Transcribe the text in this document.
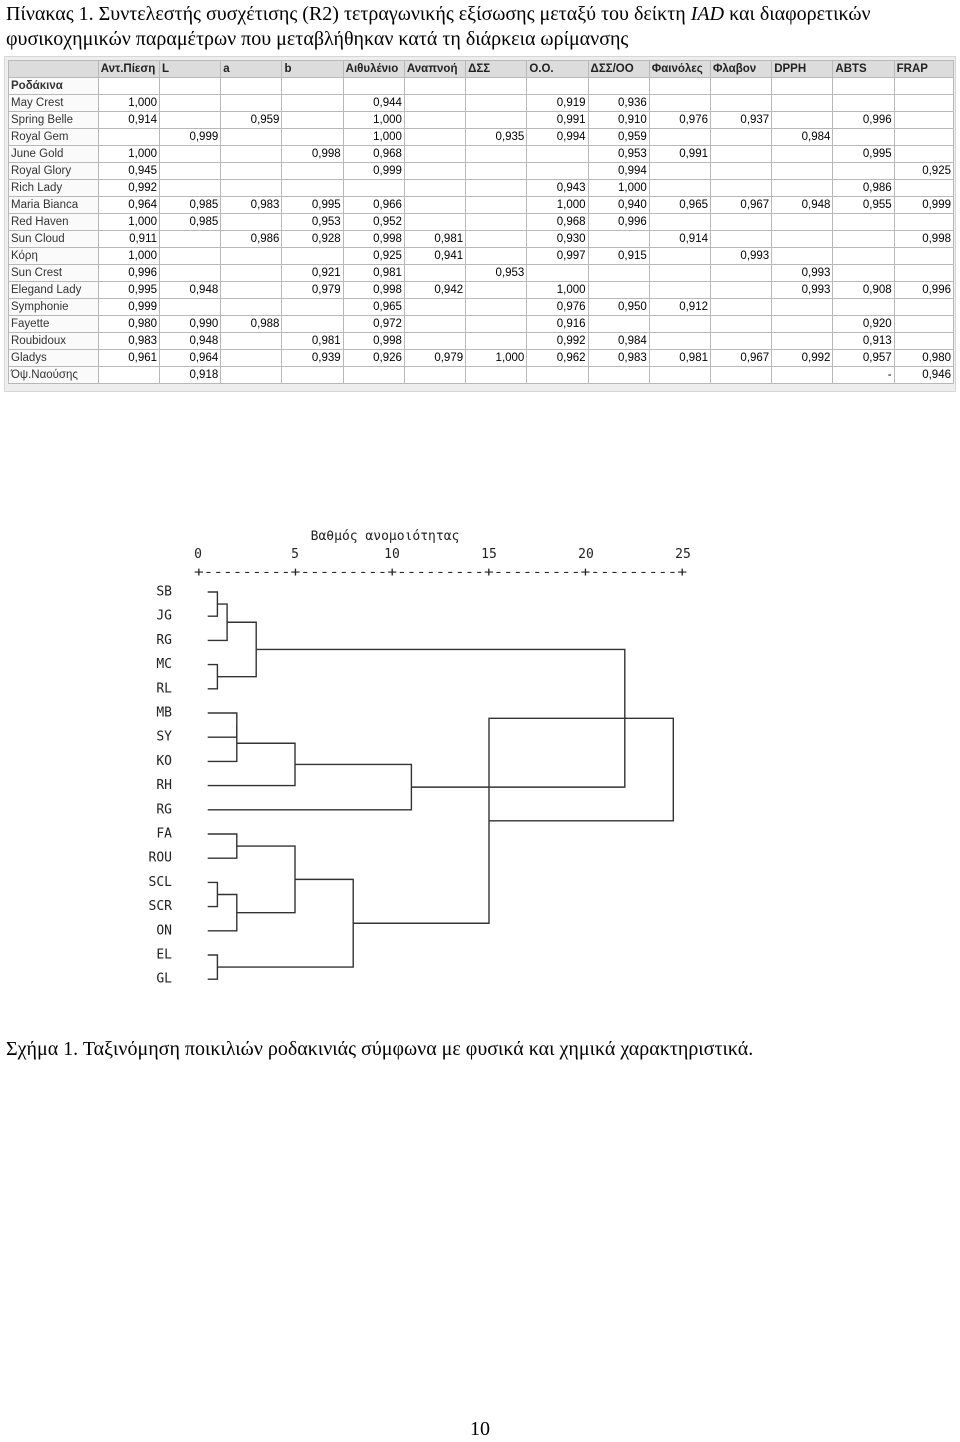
Πίνακας 1. Συντελεστής συσχέτισης (R2) τετραγωνικής εξίσωσης μεταξύ του δείκτη IAD και διαφορετικών φυσικοχημικών παραμέτρων που μεταβλήθηκαν κατά τη διάρκεια ωρίμανσης
	Αντ.Πίεση	L	a	b	Αιθυλένιο	Αναπνοή	ΔΣΣ	Ο.Ο.	ΔΣΣ/ΟΟ	Φαινόλες	Φλαβον	DPPH	ABTS	FRAP
Ροδάκινα														
May Crest	1,000				0,944			0,919	0,936					
Spring Belle	0,914		0,959		1,000			0,991	0,910	0,976	0,937		0,996	
Royal Gem		0,999			1,000		0,935	0,994	0,959			0,984		
June Gold	1,000			0,998	0,968				0,953	0,991			0,995	
Royal Glory	0,945				0,999				0,994					0,925
Rich Lady	0,992							0,943	1,000				0,986	
Maria Bianca	0,964	0,985	0,983	0,995	0,966			1,000	0,940	0,965	0,967	0,948	0,955	0,999
Red Haven	1,000	0,985		0,953	0,952			0,968	0,996					
Sun Cloud	0,911		0,986	0,928	0,998	0,981		0,930		0,914				0,998
Κόρη	1,000				0,925	0,941		0,997	0,915		0,993			
Sun Crest	0,996			0,921	0,981		0,953					0,993		
Elegand Lady	0,995	0,948		0,979	0,998	0,942		1,000				0,993	0,908	0,996
Symphonie	0,999				0,965			0,976	0,950	0,912				
Fayette	0,980	0,990	0,988		0,972			0,916					0,920	
Roubidoux	0,983	0,948		0,981	0,998			0,992	0,984				0,913	
Gladys	0,961	0,964		0,939	0,926	0,979	1,000	0,962	0,983	0,981	0,967	0,992	0,957	0,980
Όψ.Ναούσης		0,918											-	0,946
Βαθμός ανομοιότητας
0	5	10	15	20	25
+---------+---------+---------+---------+---------+
SB
JG
RG
MC
RL
MB
SY
KO
RH
RG
FA
ROU
SCL
SCR
ON
EL
GL
Σχήμα 1. Ταξινόμηση ποικιλιών ροδακινιάς σύμφωνα με φυσικά και χημικά χαρακτηριστικά.
10
